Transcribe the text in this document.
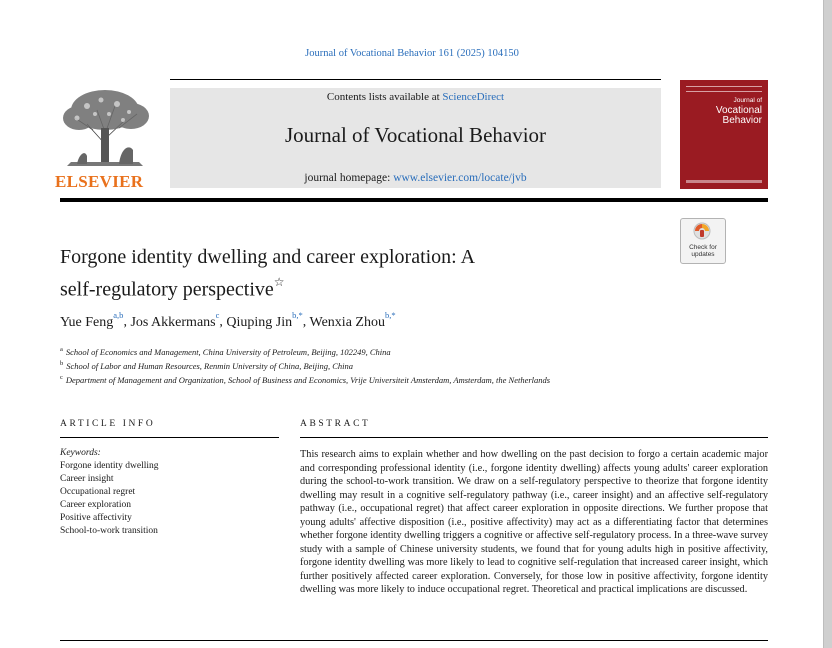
Journal of Vocational Behavior 161 (2025) 104150
ELSEVIER
Contents lists available at ScienceDirect
Journal of Vocational Behavior
journal homepage: www.elsevier.com/locate/jvb
Journal of
Vocational
Behavior
Check for
updates
Forgone identity dwelling and career exploration: A
self-regulatory perspective☆
Yue Feng$^{a,b}$, Jos Akkermans$^c$, Qiuping Jin$^{b,*}$, Wenxia Zhou$^{b,*}$
$^a$ School of Economics and Management, China University of Petroleum, Beijing, 102249, China
$^b$ School of Labor and Human Resources, Renmin University of China, Beijing, China
$^c$ Department of Management and Organization, School of Business and Economics, Vrije Universiteit Amsterdam, Amsterdam, the Netherlands
ARTICLE INFO
Keywords:
Forgone identity dwelling
Career insight
Occupational regret
Career exploration
Positive affectivity
School-to-work transition
ABSTRACT
This research aims to explain whether and how dwelling on the past decision to forgo a certain academic major and corresponding professional identity (i.e., forgone identity dwelling) affects young adults' career exploration during the school-to-work transition. We draw on a self-regulatory perspective to theorize that forgone identity dwelling may result in a cognitive self-regulatory pathway (i.e., career insight) and an affective self-regulatory pathway (i.e., occupational regret) that affect career exploration in opposite directions. We further propose that young adults' affective disposition (i.e., positive affectivity) may act as a differentiating factor that determines whether forgone identity dwelling triggers a cognitive or affective self-regulatory process. In a three-wave survey study with a sample of Chinese university students, we found that for young adults high in positive affectivity, forgone identity dwelling was more likely to lead to cognitive self-regulation that increased career insight, which further positively affected career exploration. Conversely, for those low in positive affectivity, forgone identity dwelling was more likely to induce occupational regret. Theoretical and practical implications are discussed.
